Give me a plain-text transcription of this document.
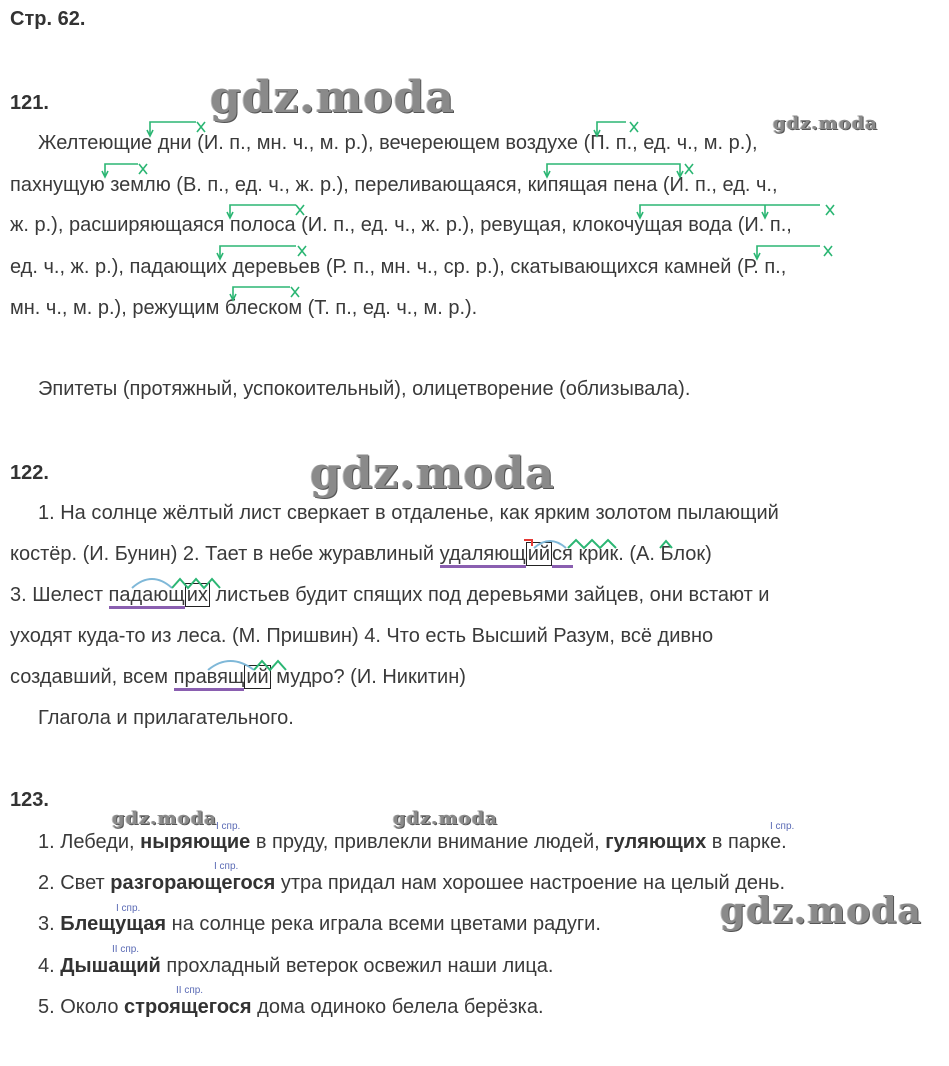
Стр. 62.
gdz.moda
gdz.moda
gdz.moda
gdz.moda	gdz.moda
gdz.moda
121.
Желтеющие дни (И. п., мн. ч., м. р.), вечереющем воздухе (П. п., ед. ч., м. р.),
пахнущую землю (В. п., ед. ч., ж. р.), переливающаяся, кипящая пена (И. п., ед. ч.,
ж. р.), расширяющаяся полоса (И. п., ед. ч., ж. р.), ревущая, клокочущая вода (И. п.,
ед. ч., ж. р.), падающих деревьев (Р. п., мн. ч., ср. р.), скатывающихся камней (Р. п.,
мн. ч., м. р.), режущим блеском (Т. п., ед. ч., м. р.).
Эпитеты (протяжный, успокоительный), олицетворение (облизывала).
122.
1. На солнце жёлтый лист сверкает в отдаленье, как ярким золотом пылающий
костёр. (И. Бунин) 2. Тает в небе журавлиный удаляющ ий ся крик. (А. Блок)
3. Шелест падающ их листьев будит спящих под деревьями зайцев, они встают и
уходят куда-то из леса. (М. Пришвин) 4. Что есть Высший Разум, всё дивно
создавший, всем правящ ий мудро? (И. Никитин)
Глагола и прилагательного.
123.
1. Лебеди, ныряющие в пруду, привлекли внимание людей, гуляющих в парке.
2. Свет разгорающегося утра придал нам хорошее настроение на целый день.
3. Блещущая на солнце река играла всеми цветами радуги.
4. Дышащий прохладный ветерок освежил наши лица.
5. Около строящегося дома одиноко белела берёзка.
I спр.	I спр.
I спр.
I спр.
II спр.
II спр.
